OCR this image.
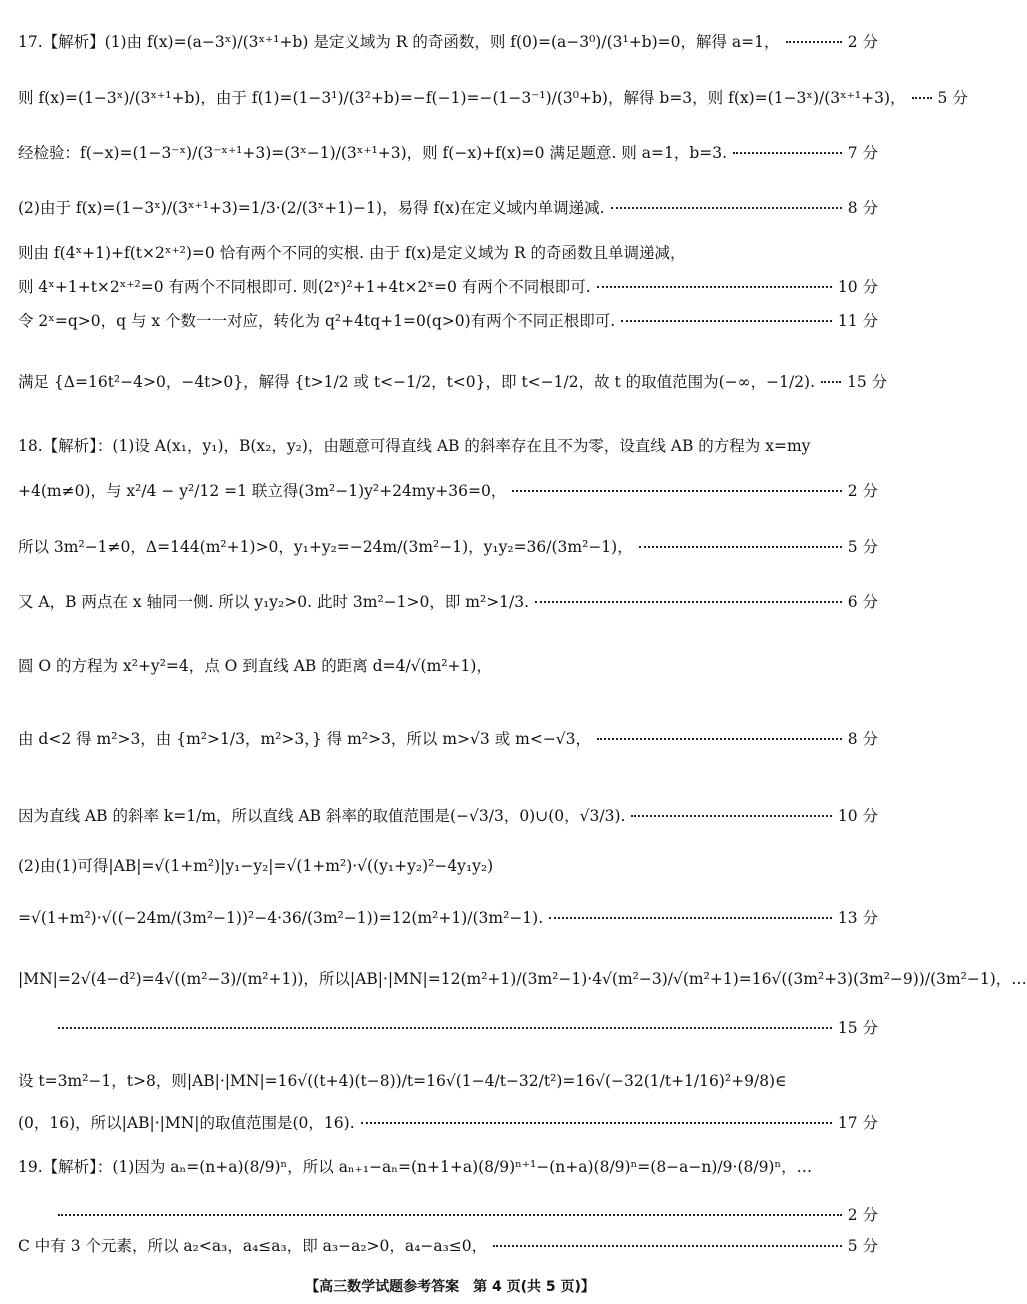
17.【解析】(1)由 f(x)=(a−3ˣ)/(3ˣ⁺¹+b) 是定义域为 R 的奇函数，则 f(0)=(a−3⁰)/(3¹+b)=0，解得 a=1，	2 分
则 f(x)=(1−3ˣ)/(3ˣ⁺¹+b)，由于 f(1)=(1−3¹)/(3²+b)=−f(−1)=−(1−3⁻¹)/(3⁰+b)，解得 b=3，则 f(x)=(1−3ˣ)/(3ˣ⁺¹+3)， 5 分
经检验：f(−x)=(1−3⁻ˣ)/(3⁻ˣ⁺¹+3)=(3ˣ−1)/(3ˣ⁺¹+3)，则 f(−x)+f(x)=0 满足题意. 则 a=1，b=3.	7 分
(2)由于 f(x)=(1−3ˣ)/(3ˣ⁺¹+3)=1/3·(2/(3ˣ+1)−1)，易得 f(x)在定义域内单调递减.	8 分
则由 f(4ˣ+1)+f(t×2ˣ⁺²)=0 恰有两个不同的实根. 由于 f(x)是定义域为 R 的奇函数且单调递减，
则 4ˣ+1+t×2ˣ⁺²=0 有两个不同根即可. 则(2ˣ)²+1+4t×2ˣ=0 有两个不同根即可.	10 分
令 2ˣ=q>0，q 与 x 个数一一对应，转化为 q²+4tq+1=0(q>0)有两个不同正根即可.	11 分
满足 {Δ=16t²−4>0，−4t>0}，解得 {t>1/2 或 t<−1/2，t<0}，即 t<−1/2，故 t 的取值范围为(−∞，−1/2). 15 分
18.【解析】：(1)设 A(x₁，y₁)，B(x₂，y₂)，由题意可得直线 AB 的斜率存在且不为零，设直线 AB 的方程为 x=my
+4(m≠0)，与 x²/4 − y²/12 =1 联立得(3m²−1)y²+24my+36=0，	2 分
所以 3m²−1≠0，Δ=144(m²+1)>0，y₁+y₂=−24m/(3m²−1)，y₁y₂=36/(3m²−1)，	5 分
又 A，B 两点在 x 轴同一侧. 所以 y₁y₂>0. 此时 3m²−1>0，即 m²>1/3.	6 分
圆 O 的方程为 x²+y²=4，点 O 到直线 AB 的距离 d=4/√(m²+1)，
由 d<2 得 m²>3，由 {m²>1/3，m²>3，} 得 m²>3，所以 m>√3 或 m<−√3，	8 分
因为直线 AB 的斜率 k=1/m，所以直线 AB 斜率的取值范围是(−√3/3，0)∪(0，√3/3).	10 分
(2)由(1)可得|AB|=√(1+m²)|y₁−y₂|=√(1+m²)·√((y₁+y₂)²−4y₁y₂)
=√(1+m²)·√((−24m/(3m²−1))²−4·36/(3m²−1))=12(m²+1)/(3m²−1).	13 分
|MN|=2√(4−d²)=4√((m²−3)/(m²+1))，所以|AB|·|MN|=12(m²+1)/(3m²−1)·4√(m²−3)/√(m²+1)=16√((3m²+3)(3m²−9))/(3m²−1)，…
15 分
设 t=3m²−1，t>8，则|AB|·|MN|=16√((t+4)(t−8))/t=16√(1−4/t−32/t²)=16√(−32(1/t+1/16)²+9/8)∈
(0，16)，所以|AB|·|MN|的取值范围是(0，16).	17 分
19.【解析】：(1)因为 aₙ=(n+a)(8/9)ⁿ，所以 aₙ₊₁−aₙ=(n+1+a)(8/9)ⁿ⁺¹−(n+a)(8/9)ⁿ=(8−a−n)/9·(8/9)ⁿ，…
2 分
C 中有 3 个元素，所以 a₂<a₃，a₄≤a₃，即 a₃−a₂>0，a₄−a₃≤0，	5 分
【高三数学试题参考答案　第 4 页(共 5 页)】
